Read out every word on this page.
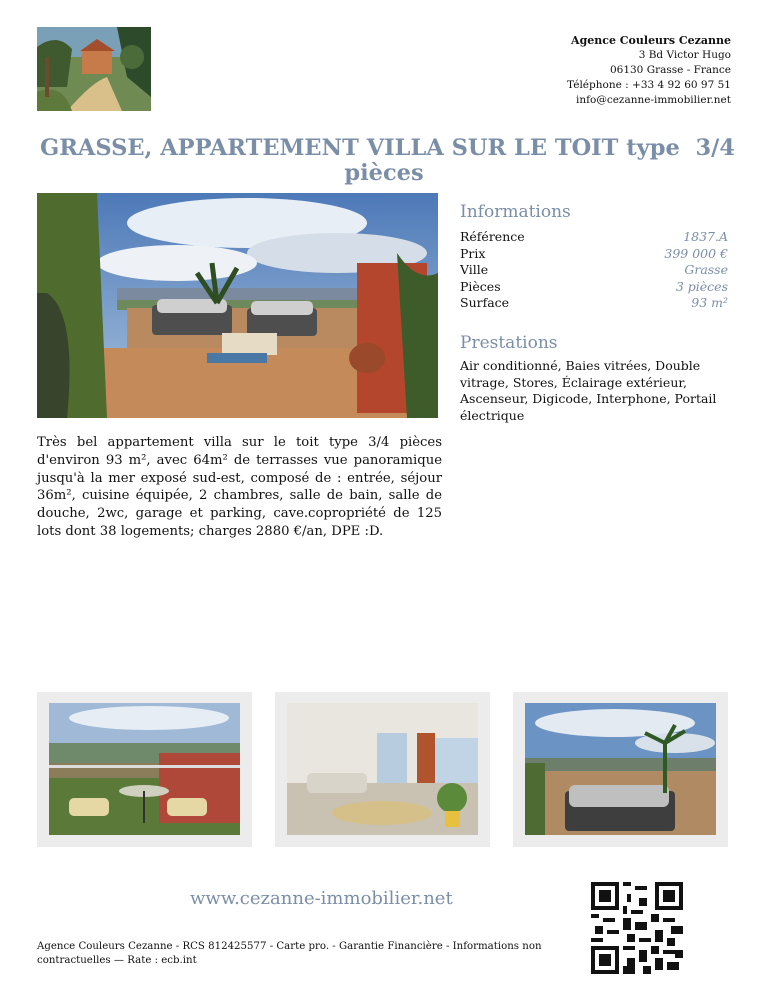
Agence Couleurs Cezanne
3 Bd Victor Hugo
06130 Grasse - France
Téléphone : +33 4 92 60 97 51
info@cezanne-immobilier.net
GRASSE, APPARTEMENT VILLA SUR LE TOIT type  3/4
pièces
Informations
Référence	1837.A
Prix	399 000 €
Ville	Grasse
Pièces	3 pièces
Surface	93 m²
Prestations
Air conditionné, Baies vitrées, Double vitrage, Stores, Éclairage extérieur, Ascenseur, Digicode, Interphone, Portail électrique
Très bel appartement villa sur le toit type 3/4 pièces d'environ 93 m², avec 64m² de terrasses vue panoramique jusqu'à la mer exposé sud-est, composé de : entrée, séjour 36m², cuisine équipée, 2 chambres, salle de bain, salle de douche, 2wc, garage et parking, cave.copropriété de 125 lots dont 38 logements; charges 2880 €/an, DPE :D.
www.cezanne-immobilier.net
Agence Couleurs Cezanne - RCS 812425577 - Carte pro. - Garantie Financière - Informations non contractuelles — Rate : ecb.int
